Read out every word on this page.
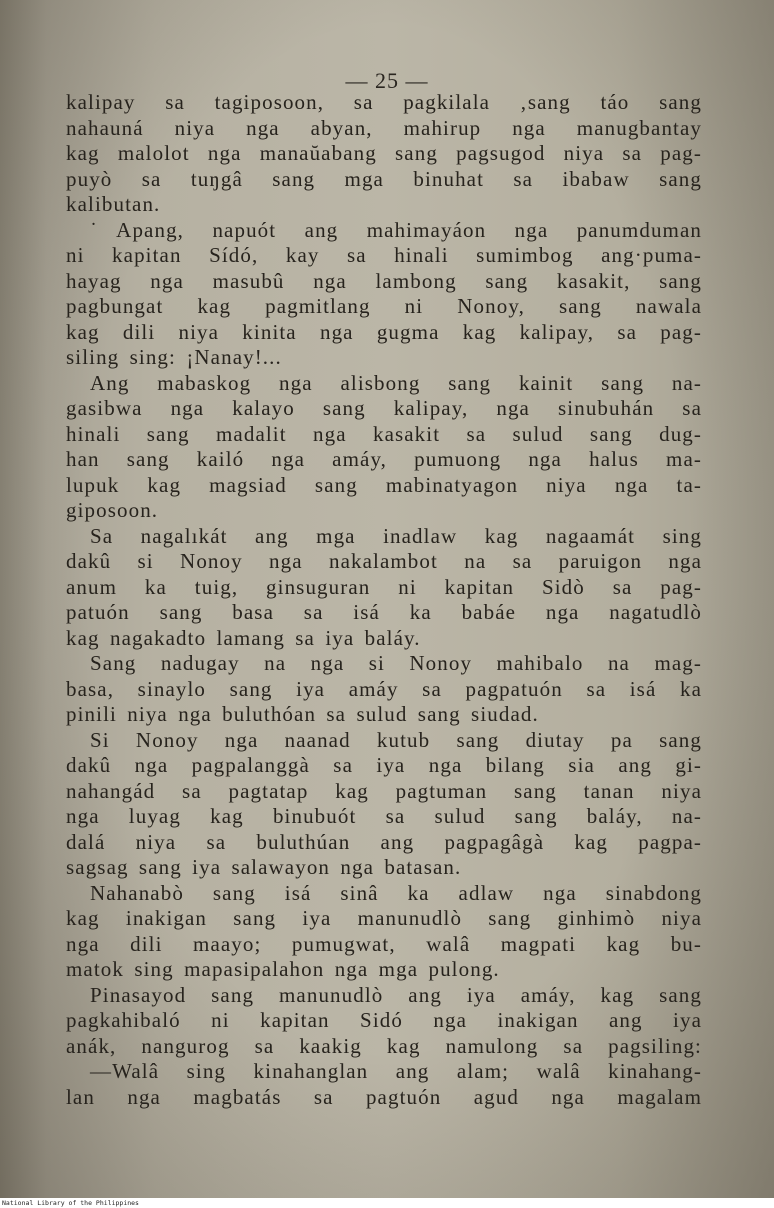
— 25 —
kalipay sa tagiposoon, sa pagkilala ‚sang táo sang
nahauná niya nga abyan, mahirup nga manugbantay
kag malolot nga manaŭabang sang pagsugod niya sa pag-
puyò sa tuŋgâ sang mga binuhat sa ibabaw sang
kalibutan.
˙Apang, napuót ang mahimayáon nga panumduman
ni kapitan Sídó, kay sa hinali sumimbog ang·puma-
hayag nga masubû nga lambong sang kasakit, sang
pagbungat kag pagmitlang ni Nonoy, sang nawala
kag dili niya kinita nga gugma kag kalipay, sa pag-
siling sing: ¡Nanay!...
Ang mabaskog nga alisbong sang kainit sang na-
gasibwa nga kalayo sang kalipay, nga sinubuhán sa
hinali sang madalit nga kasakit sa sulud sang dug-
han sang kailó nga amáy, pumuong nga halus ma-
lupuk kag magsiad sang mabinatyagon niya nga ta-
giposoon.
Sa nagalıkát ang mga inadlaw kag nagaamát sing
dakû si Nonoy nga nakalambot na sa paruigon nga
anum ka tuig, ginsuguran ni kapitan Sidò sa pag-
patuón sang basa sa isá ka babáe nga nagatudlò
kag nagakadto lamang sa iya baláy.
Sang nadugay na nga si Nonoy mahibalo na mag-
basa, sinaylo sang iya amáy sa pagpatuón sa isá ka
pinili niya nga buluthóan sa sulud sang siudad.
Si Nonoy nga naanad kutub sang diutay pa sang
dakû nga pagpalanggà sa iya nga bilang sia ang gi-
nahangád sa pagtatap kag pagtuman sang tanan niya
nga luyag kag binubuót sa sulud sang baláy, na-
dalá niya sa buluthúan ang pagpagâgà kag pagpa-
sagsag sang iya salawayon nga batasan.
Nahanabò sang isá sinâ ka adlaw nga sinabdong
kag inakigan sang iya manunudlò sang ginhimò niya
nga dili maayo; pumugwat, walâ magpati kag bu-
matok sing mapasipalahon nga mga pulong.
Pinasayod sang manunudlò ang iya amáy, kag sang
pagkahibaló ni kapitan Sidó nga inakigan ang iya
anák, nangurog sa kaakig kag namulong sa pagsiling:
—Walâ sing kinahanglan ang alam; walâ kinahang-
lan nga magbatás sa pagtuón agud nga magalam
National Library of the Philippines
